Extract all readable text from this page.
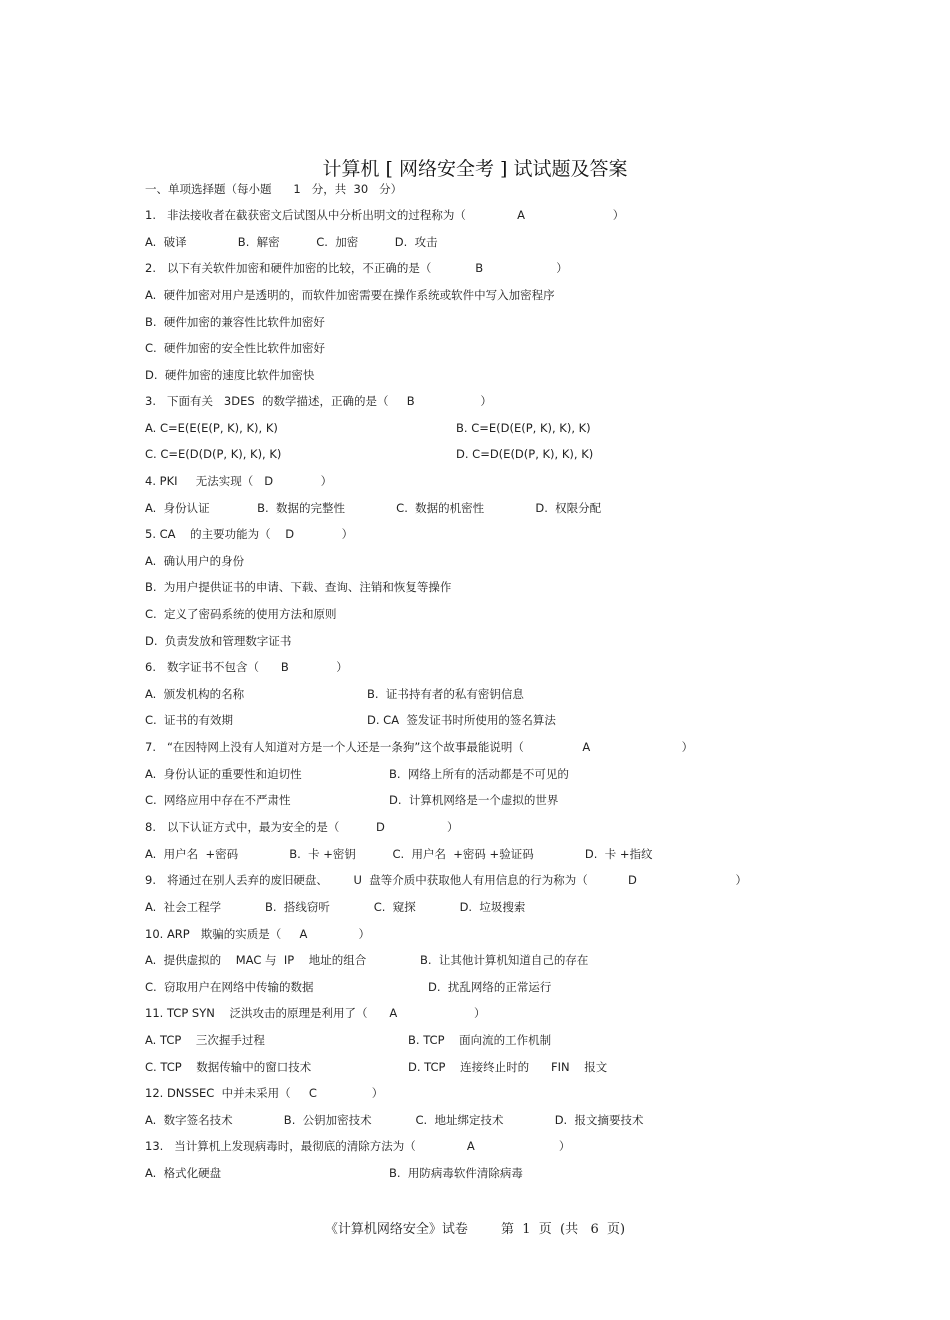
计算机 [ 网络安全考 ] 试试题及答案
一、单项选择题（每小题      1   分，共  30   分）
1.   非法接收者在截获密文后试图从中分析出明文的过程称为（              A                        ）
A.  破译              B.  解密          C.  加密          D.  攻击
2.   以下有关软件加密和硬件加密的比较，不正确的是（            B                    ）
A.  硬件加密对用户是透明的，而软件加密需要在操作系统或软件中写入加密程序
B.  硬件加密的兼容性比软件加密好
C.  硬件加密的安全性比软件加密好
D.  硬件加密的速度比软件加密快
3.   下面有关   3DES  的数学描述，正确的是（     B                  ）
A. C=E(E(E(P, K), K), K)	B. C=E(D(E(P, K), K), K)
C. C=E(D(D(P, K), K), K)	D. C=D(E(D(P, K), K), K)
4. PKI     无法实现（   D             ）
A.  身份认证             B.  数据的完整性              C.  数据的机密性              D.  权限分配
5. CA    的主要功能为（    D             ）
A.  确认用户的身份
B.  为用户提供证书的申请、下载、查询、注销和恢复等操作
C.  定义了密码系统的使用方法和原则
D.  负责发放和管理数字证书
6.   数字证书不包含（      B             ）
A.  颁发机构的名称	B.  证书持有者的私有密钥信息
C.  证书的有效期	D. CA  签发证书时所使用的签名算法
7.   “在因特网上没有人知道对方是一个人还是一条狗”这个故事最能说明（                A                         ）
A.  身份认证的重要性和迫切性	B.  网络上所有的活动都是不可见的
C.  网络应用中存在不严肃性	D.  计算机网络是一个虚拟的世界
8.   以下认证方式中，最为安全的是（          D                 ）
A.  用户名  +密码              B.  卡 +密钥          C.  用户名  +密码 +验证码              D.  卡 +指纹
9.   将通过在别人丢弃的废旧硬盘、       U  盘等介质中获取他人有用信息的行为称为（           D                           ）
A.  社会工程学            B.  搭线窃听            C.  窥探            D.  垃圾搜索
10. ARP   欺骗的实质是（     A              ）
A.  提供虚拟的    MAC 与  IP    地址的组合	B.  让其他计算机知道自己的存在
C.  窃取用户在网络中传输的数据	D.  扰乱网络的正常运行
11. TCP SYN    泛洪攻击的原理是利用了（      A                     ）
A. TCP    三次握手过程	B. TCP    面向流的工作机制
C. TCP    数据传输中的窗口技术	D. TCP    连接终止时的      FIN    报文
12. DNSSEC  中并未采用（     C               ）
A.  数字签名技术              B.  公钥加密技术            C.  地址绑定技术              D.  报文摘要技术
13.   当计算机上发现病毒时，最彻底的清除方法为（              A                       ）
A.  格式化硬盘	B.  用防病毒软件清除病毒
《计算机网络安全》试卷        第  1  页  (共   6  页)
